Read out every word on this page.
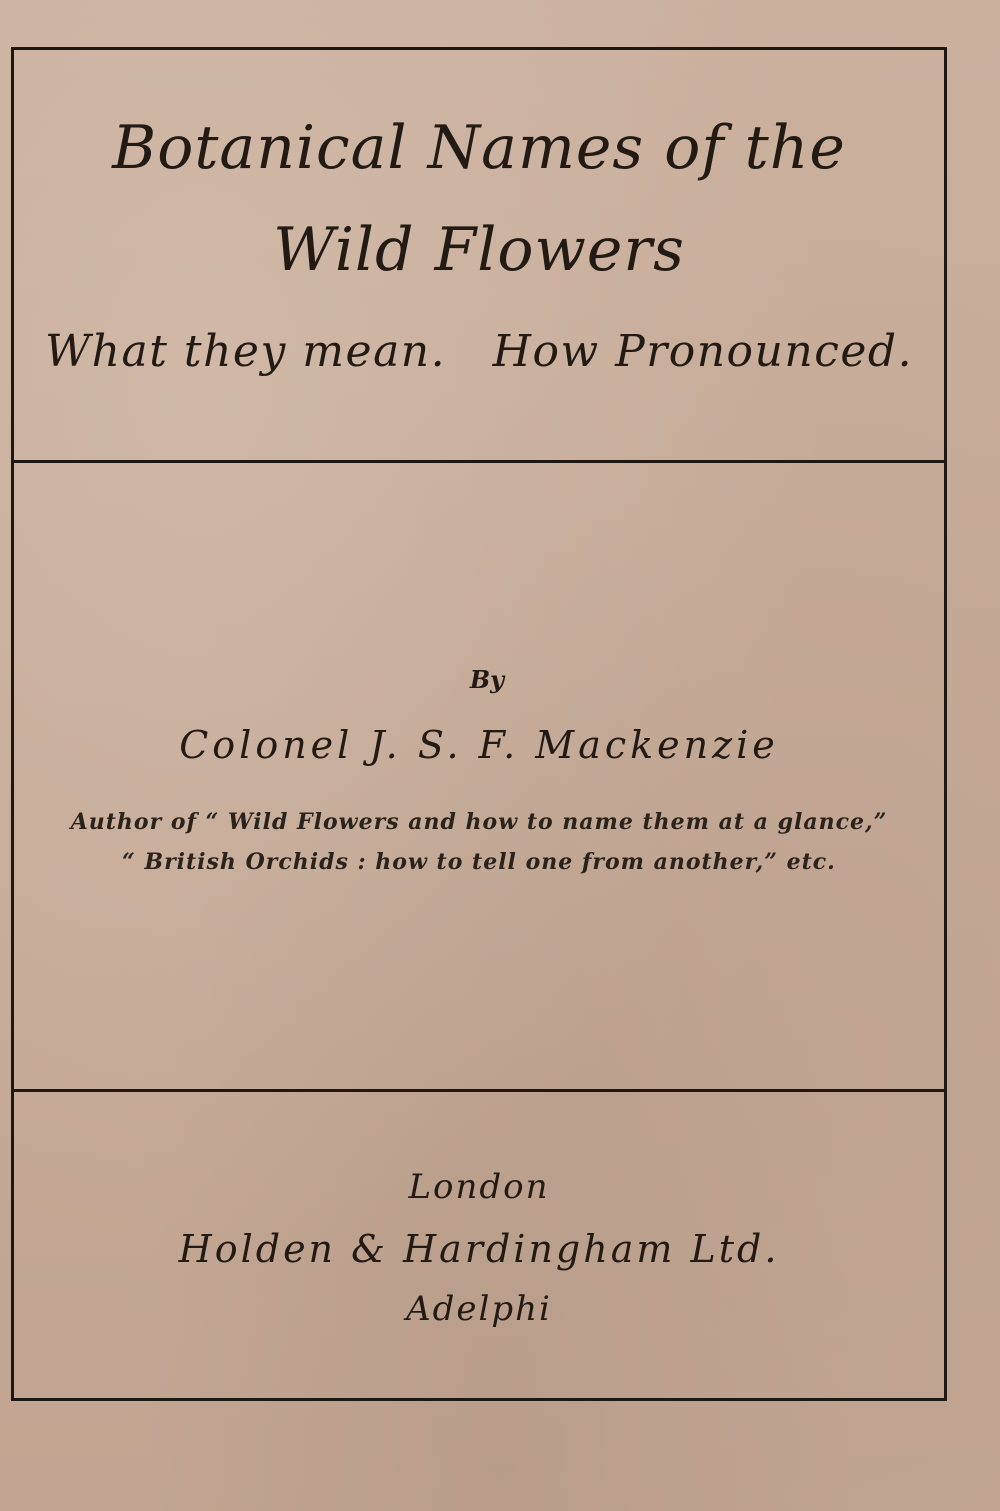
Botanical Names of the
Wild Flowers
What they mean.   How Pronounced.
By
Colonel J. S. F. Mackenzie
Author of “ Wild Flowers and how to name them at a glance,”
“ British Orchids : how to tell one from another,” etc.
London
Holden & Hardingham Ltd.
Adelphi
